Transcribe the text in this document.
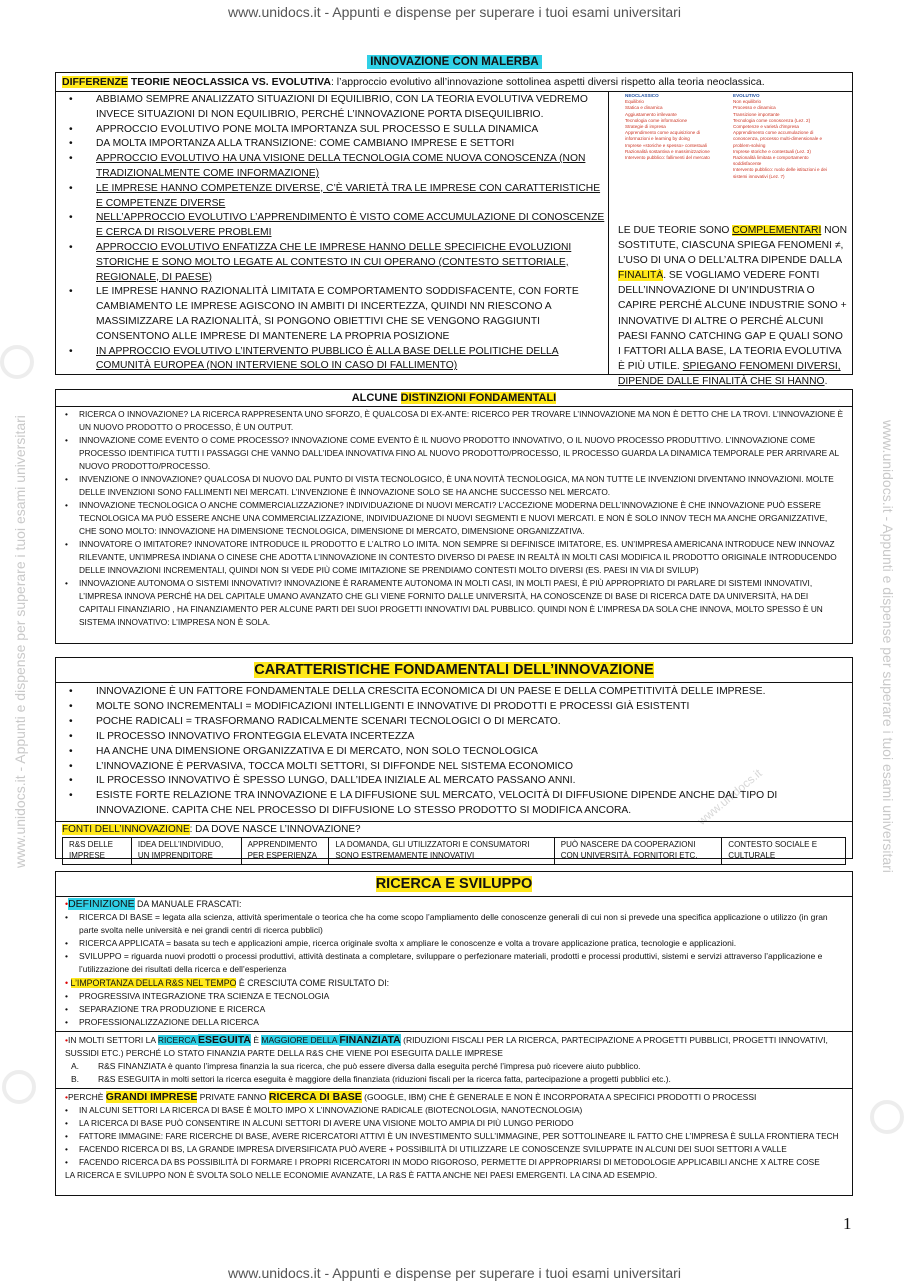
www.unidocs.it - Appunti e dispense per superare i tuoi esami universitari
www.unidocs.it - Appunti e dispense per superare i tuoi esami universitari
www.unidocs.it - Appunti e dispense per superare i tuoi esami universitari	www.unidocs.it - Appunti e dispense per superare i tuoi esami universitari
www.unidocs.it
INNOVAZIONE CON MALERBA
DIFFERENZE TEORIE NEOCLASSICA VS. EVOLUTIVA: l’approccio evolutivo all’innovazione sottolinea aspetti diversi rispetto alla teoria neoclassica.
• ABBIAMO SEMPRE ANALIZZATO SITUAZIONI DI EQUILIBRIO, CON LA TEORIA EVOLUTIVA VEDREMO INVECE SITUAZIONI DI NON EQUILIBRIO, PERCHÉ L’INNOVAZIONE PORTA DISEQUILIBRIO.
• APPROCCIO EVOLUTIVO PONE MOLTA IMPORTANZA SUL PROCESSO E SULLA DINAMICA
• DA MOLTA IMPORTANZA ALLA TRANSIZIONE: COME CAMBIANO IMPRESE E SETTORI
• APPROCCIO EVOLUTIVO HA UNA VISIONE DELLA TECNOLOGIA COME NUOVA CONOSCENZA (NON TRADIZIONALMENTE COME INFORMAZIONE)
• LE IMPRESE HANNO COMPETENZE DIVERSE, C’È VARIETÀ TRA LE IMPRESE CON CARATTERISTICHE E COMPETENZE DIVERSE
• NELL’APPROCCIO EVOLUTIVO L’APPRENDIMENTO È VISTO COME ACCUMULAZIONE DI CONOSCENZE E CERCA DI RISOLVERE PROBLEMI
• APPROCCIO EVOLUTIVO ENFATIZZA CHE LE IMPRESE HANNO DELLE SPECIFICHE EVOLUZIONI STORICHE E SONO MOLTO LEGATE AL CONTESTO IN CUI OPERANO (CONTESTO SETTORIALE, REGIONALE, DI PAESE)
• LE IMPRESE HANNO RAZIONALITÀ LIMITATA E COMPORTAMENTO SODDISFACENTE, CON FORTE CAMBIAMENTO LE IMPRESE AGISCONO IN AMBITI DI INCERTEZZA, QUINDI NN RIESCONO A MASSIMIZZARE LA RAZIONALITÀ, SI PONGONO OBIETTIVI CHE SE VENGONO RAGGIUNTI CONSENTONO ALLE IMPRESE DI MANTENERE LA PROPRIA POSIZIONE
• IN APPROCCIO EVOLUTIVO L’INTERVENTO PUBBLICO È ALLA BASE DELLE POLITICHE DELLA COMUNITÀ EUROPEA (NON INTERVIENE SOLO IN CASO DI FALLIMENTO)
NEOCLASSICO
Equilibrio
Statica e dinamica
Aggiustamento irrilevante
Tecnologia come informazione
Strategie di impresa
Apprendimento come acquisizione di informazioni e learning by doing
Imprese «storiche e spesso» contestuali
Razionalità sostantiva e massimizzazione
Intervento pubblico: fallimenti del mercato
EVOLUTIVO
Non equilibrio
Processo e dinamica
Transizione importante
Tecnologia come conoscenza (Lez. 2)
Competenze e varietà d'impresa
Apprendimento come accumulazione di conoscenza, processo multi-dimensionale e problem-solving
Imprese storiche e contestuali (Lez. 3)
Razionalità limitata e comportamento soddisfacente
Intervento pubblico: ruolo delle istituzioni e dei sistemi innovativi (Lez. 7)
LE DUE TEORIE SONO COMPLEMENTARI NON SOSTITUTE, CIASCUNA SPIEGA FENOMENI ≠, L’USO DI UNA O DELL’ALTRA DIPENDE DALLA FINALITÀ. SE VOGLIAMO VEDERE FONTI DELL’INNOVAZIONE DI UN’INDUSTRIA O CAPIRE PERCHÉ ALCUNE INDUSTRIE SONO + INNOVATIVE DI ALTRE O PERCHÉ ALCUNI PAESI FANNO CATCHING GAP E QUALI SONO I FATTORI ALLA BASE, LA TEORIA EVOLUTIVA È PIÙ UTILE. SPIEGANO FENOMENI DIVERSI, DIPENDE DALLE FINALITÀ CHE SI HANNO.
ALCUNE DISTINZIONI FONDAMENTALI
• RICERCA O INNOVAZIONE? LA RICERCA RAPPRESENTA UNO SFORZO, È QUALCOSA DI EX-ANTE: RICERCO PER TROVARE L’INNOVAZIONE MA NON È DETTO CHE LA TROVI. L’INNOVAZIONE È UN NUOVO PRODOTTO O PROCESSO, È UN OUTPUT.
• INNOVAZIONE COME EVENTO O COME PROCESSO? INNOVAZIONE COME EVENTO È IL NUOVO PRODOTTO INNOVATIVO, O IL NUOVO PROCESSO PRODUTTIVO. L’INNOVAZIONE COME PROCESSO IDENTIFICA TUTTI I PASSAGGI CHE VANNO DALL’IDEA INNOVATIVA FINO AL NUOVO PRODOTTO/PROCESSO, IL PROCESSO GUARDA LA DINAMICA TEMPORALE PER ARRIVARE AL NUOVO PRODOTTO/PROCESSO.
• INVENZIONE O INNOVAZIONE? QUALCOSA DI NUOVO DAL PUNTO DI VISTA TECNOLOGICO, È UNA NOVITÀ TECNOLOGICA, MA NON TUTTE LE INVENZIONI DIVENTANO INNOVAZIONI. MOLTE DELLE INVENZIONI SONO FALLIMENTI NEI MERCATI. L’INVENZIONE È INNOVAZIONE SOLO SE HA ANCHE SUCCESSO NEL MERCATO.
• INNOVAZIONE TECNOLOGICA O ANCHE COMMERCIALIZZAZIONE? INDIVIDUAZIONE DI NUOVI MERCATI? L’ACCEZIONE MODERNA DELL’INNOVAZIONE È CHE INNOVAZIONE PUÒ ESSERE TECNOLOGICA MA PUÒ ESSERE ANCHE UNA COMMERCIALIZZAZIONE, INDIVIDUAZIONE DI NUOVI SEGMENTI E NUOVI MERCATI. E NON È SOLO INNOV TECH MA ANCHE ORGANIZZATIVE, CHE SONO MOLTO: INNOVAZIONE HA DIMENSIONE TECNOLOGICA, DIMENSIONE DI MERCATO, DIMENSIONE ORGANIZZATIVA.
• INNOVATORE O IMITATORE? INNOVATORE INTRODUCE IL PRODOTTO E L’ALTRO LO IMITA. NON SEMPRE SI DEFINISCE IMITATORE, ES. UN’IMPRESA AMERICANA INTRODUCE NEW INNOVAZ RILEVANTE, UN’IMPRESA INDIANA O CINESE CHE ADOTTA L’INNOVAZIONE IN CONTESTO DIVERSO DI PAESE IN REALTÀ IN MOLTI CASI MODIFICA IL PRODOTTO ORIGINALE INTRODUCENDO DELLE INNOVAZIONI INCREMENTALI, QUINDI NON SI VEDE PIÙ COME IMITAZIONE SE PRENDIAMO CONTESTI MOLTO DIVERSI (ES. PAESI IN VIA DI SVILUP)
• INNOVAZIONE AUTONOMA O SISTEMI INNOVATIVI? INNOVAZIONE È RARAMENTE AUTONOMA IN MOLTI CASI, IN MOLTI PAESI, È PIÙ APPROPRIATO DI PARLARE DI SISTEMI INNOVATIVI, L’IMPRESA INNOVA PERCHÉ HA DEL CAPITALE UMANO AVANZATO CHE GLI VIENE FORNITO DALLE UNIVERSITÀ, HA CONOSCENZE DI BASE DI RICERCA DATE DA UNIVERSITÀ, HA DEI CAPITALI FINANZIARIO , HA FINANZIAMENTO PER ALCUNE PARTI DEI SUOI PROGETTI INNOVATIVI DAL PUBBLICO. QUINDI NON È L’IMPRESA DA SOLA CHE INNOVA, MOLTO SPESSO È UN SISTEMA INNOVATIVO: L’IMPRESA NON È SOLA.
CARATTERISTICHE FONDAMENTALI DELL’INNOVAZIONE
• INNOVAZIONE È UN FATTORE FONDAMENTALE DELLA CRESCITA ECONOMICA DI UN PAESE E DELLA COMPETITIVITÀ DELLE IMPRESE.
• MOLTE SONO INCREMENTALI = MODIFICAZIONI INTELLIGENTI E INNOVATIVE DI PRODOTTI E PROCESSI GIÀ ESISTENTI
• POCHE RADICALI = TRASFORMANO RADICALMENTE SCENARI TECNOLOGICI O DI MERCATO.
• IL PROCESSO INNOVATIVO FRONTEGGIA ELEVATA INCERTEZZA
• HA ANCHE UNA DIMENSIONE ORGANIZZATIVA E DI MERCATO, NON SOLO TECNOLOGICA
• L’INNOVAZIONE È PERVASIVA, TOCCA MOLTI SETTORI, SI DIFFONDE NEL SISTEMA ECONOMICO
• IL PROCESSO INNOVATIVO È SPESSO LUNGO, DALL’IDEA INIZIALE AL MERCATO PASSANO ANNI.
• ESISTE FORTE RELAZIONE TRA INNOVAZIONE E LA DIFFUSIONE SUL MERCATO, VELOCITÀ DI DIFFUSIONE DIPENDE ANCHE DAL TIPO DI INNOVAZIONE. CAPITA CHE NEL PROCESSO DI DIFFUSIONE LO STESSO PRODOTTO SI MODIFICA ANCORA.
FONTI DELL’INNOVAZIONE: DA DOVE NASCE L’INNOVAZIONE?
R&S DELLE IMPRESE
IDEA DELL’INDIVIDUO, UN IMPRENDITORE
APPRENDIMENTO PER ESPERIENZA
LA DOMANDA, GLI UTILIZZATORI E CONSUMATORI SONO ESTREMAMENTE INNOVATIVI
PUÒ NASCERE DA COOPERAZIONI CON UNIVERSITÀ, FORNITORI ETC.
CONTESTO SOCIALE E CULTURALE
RICERCA E SVILUPPO
•DEFINIZIONE DA MANUALE FRASCATI:
• RICERCA DI BASE = legata alla scienza, attività sperimentale o teorica che ha come scopo l’ampliamento delle conoscenze generali di cui non si prevede una specifica applicazione o utilizzo (in gran parte svolta nelle università e nei grandi centri di ricerca pubblici)
• RICERCA APPLICATA = basata su tech e applicazioni ampie, ricerca originale svolta x ampliare le conoscenze e volta a trovare applicazione pratica, tecnologie e applicazioni.
• SVILUPPO = riguarda nuovi prodotti o processi produttivi, attività destinata a completare, sviluppare o perfezionare materiali, prodotti e processi produttivi, sistemi e servizi attraverso l’applicazione e l’utilizzazione dei risultati della ricerca e dell’esperienza
• L’IMPORTANZA DELLA R&S NEL TEMPO È CRESCIUTA COME RISULTATO DI:
• PROGRESSIVA INTEGRAZIONE TRA SCIENZA E TECNOLOGIA
• SEPARAZIONE TRA PRODUZIONE E RICERCA
• PROFESSIONALIZZAZIONE DELLA RICERCA
•IN MOLTI SETTORI LA RICERCA ESEGUITA È MAGGIORE DELLA FINANZIATA (RIDUZIONI FISCALI PER LA RICERCA, PARTECIPAZIONE A PROGETTI PUBBLICI, PROGETTI INNOVATIVI, SUSSIDI ETC.) PERCHÉ LO STATO FINANZIA PARTE DELLA R&S CHE VIENE POI ESEGUITA DALLE IMPRESE
A. R&S FINANZIATA è quanto l’impresa finanzia la sua ricerca, che può essere diversa dalla eseguita perché l’impresa può ricevere aiuto pubblico.
B. R&S ESEGUITA in molti settori la ricerca eseguita è maggiore della finanziata (riduzioni fiscali per la ricerca fatta, partecipazione a progetti pubblici etc.).
•PERCHÈ GRANDI IMPRESE PRIVATE FANNO RICERCA DI BASE (GOOGLE, IBM) CHE È GENERALE E NON È INCORPORATA A SPECIFICI PRODOTTI O PROCESSI
• IN ALCUNI SETTORI LA RICERCA DI BASE È MOLTO IMPO X L’INNOVAZIONE RADICALE (BIOTECNOLOGIA, NANOTECNOLOGIA)
• LA RICERCA DI BASE PUÒ CONSENTIRE IN ALCUNI SETTORI DI AVERE UNA VISIONE MOLTO AMPIA DI PIÙ LUNGO PERIODO
• FATTORE IMMAGINE: FARE RICERCHE DI BASE, AVERE RICERCATORI ATTIVI È UN INVESTIMENTO SULL’IMMAGINE, PER SOTTOLINEARE IL FATTO CHE L’IMPRESA È SULLA FRONTIERA TECH
• FACENDO RICERCA DI BS, LA GRANDE IMPRESA DIVERSIFICATA PUÒ AVERE + POSSIBILITÀ DI UTILIZZARE LE CONOSCENZE SVILUPPATE IN ALCUNI DEI SUOI SETTORI A VALLE
• FACENDO RICERCA DA BS POSSIBILITÀ DI FORMARE I PROPRI RICERCATORI IN MODO RIGOROSO, PERMETTE DI APPROPRIARSI DI METODOLOGIE APPLICABILI ANCHE X ALTRE COSE
LA RICERCA E SVILUPPO NON È SVOLTA SOLO NELLE ECONOMIE AVANZATE, LA R&S È FATTA ANCHE NEI PAESI EMERGENTI. LA CINA AD ESEMPIO.
1
